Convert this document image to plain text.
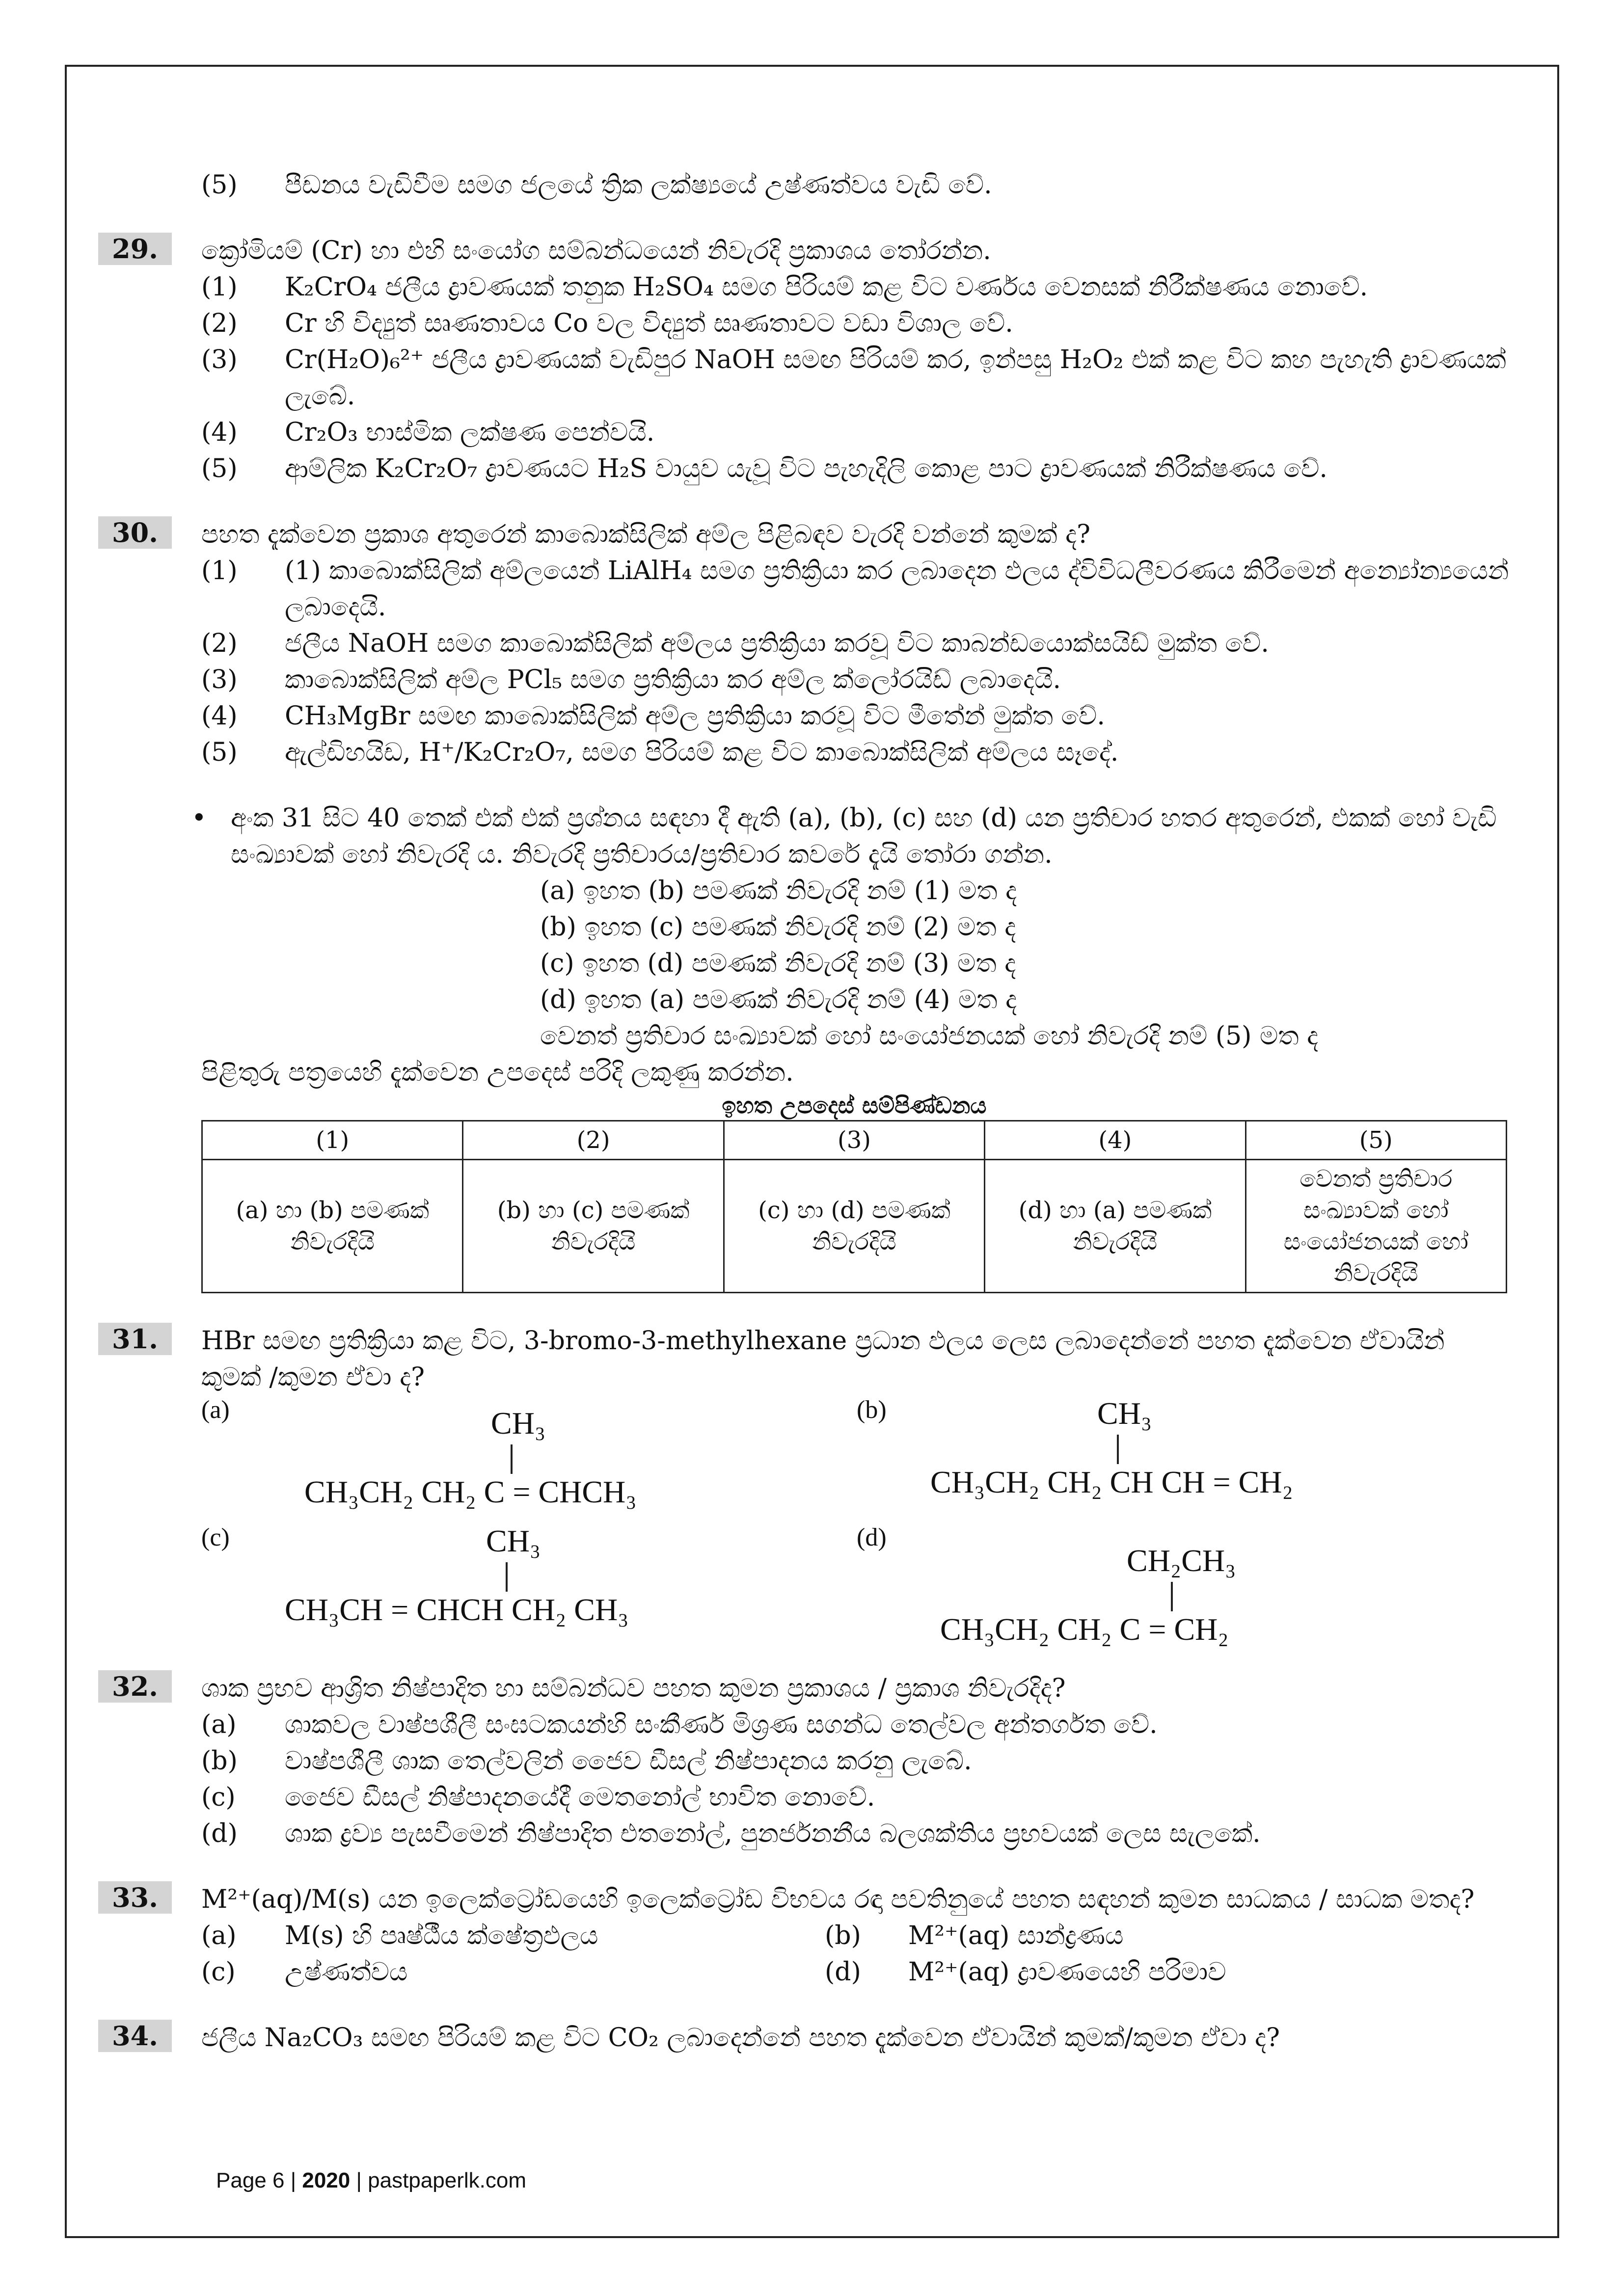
(5)	පීඩනය වැඩිවීම සමග ජලයේ ත්‍රික ලක්ෂ්‍යයේ උෂ්ණත්වය වැඩි වේ.
29.	ක්‍රෝමියම් (Cr) හා එහි සංයෝග සම්බන්ධයෙන් නිවැරදි ප්‍රකාශය තෝරන්න.
(1)	K₂CrO₄ ජලීය ද්‍රාවණයක් තනුක H₂SO₄ සමග පිරියම් කළ විට වර්ණය වෙනසක් නිරීක්ෂණය නොවේ.
(2)	Cr හි විද්‍යුත් සෘණතාවය Co වල විද්‍යුත් සෘණතාවට වඩා විශාල වේ.
(3)	Cr(H₂O)₆²⁺ ජලීය ද්‍රාවණයක් වැඩිපුර NaOH සමඟ පිරියම් කර, ඉන්පසු H₂O₂ එක් කළ විට කහ පැහැති ද්‍රාවණයක් ලැබේ.
(4)	Cr₂O₃ භාස්මික ලක්ෂණ පෙන්වයි.
(5)	ආම්ලික K₂Cr₂O₇ ද්‍රාවණයට H₂S වායුව යැවූ විට පැහැදිලි කොළ පාට ද්‍රාවණයක් නිරීක්ෂණය වේ.
30.	පහත දැක්වෙන ප්‍රකාශ අතුරෙන් කාබොක්සිලික් අම්ල පිළිබඳව වැරදි වන්නේ කුමක් ද?
(1)	(1) කාබොක්සිලික් අම්ලයෙන් LiAlH₄ සමග ප්‍රතික්‍රියා කර ලබාදෙන ඵලය ද්විවිධලීවරණය කිරීමෙන් අන්‍යෝන්‍යයෙන් ලබාදෙයි.
(2)	ජලීය NaOH සමග කාබොක්සිලික් අම්ලය ප්‍රතික්‍රියා කරවූ විට කාබන්ඩයොක්සයිඩ් මුක්ත වේ.
(3)	කාබොක්සිලික් අම්ල PCl₅ සමග ප්‍රතික්‍රියා කර අම්ල ක්ලෝරයිඩ් ලබාදෙයි.
(4)	CH₃MgBr සමඟ කාබොක්සිලික් අම්ල ප්‍රතික්‍රියා කරවූ විට මීතේන් මුක්ත වේ.
(5)	ඇල්ඩිහයිඩ, H⁺/K₂Cr₂O₇, සමග පිරියම් කළ විට කාබොක්සිලික් අම්ලය සෑදේ.
• අංක 31 සිට 40 තෙක් එක් එක් ප්‍රශ්නය සඳහා දී ඇති (a), (b), (c) සහ (d) යන ප්‍රතිචාර හතර අතුරෙන්, එකක් හෝ වැඩි සංඛ්‍යාවක් හෝ නිවැරදි ය. නිවැරදි ප්‍රතිචාරය/ප්‍රතිචාර කවරේ දැයි තෝරා ගන්න.
(a) ඉහත (b) පමණක් නිවැරදි නම් (1) මත ද
(b) ඉහත (c) පමණක් නිවැරදි නම් (2) මත ද
(c) ඉහත (d) පමණක් නිවැරදි නම් (3) මත ද
(d) ඉහත (a) පමණක් නිවැරදි නම් (4) මත ද
වෙනත් ප්‍රතිචාර සංඛ්‍යාවක් හෝ සංයෝජනයක් හෝ නිවැරදි නම් (5) මත ද
පිළිතුරු පත්‍රයෙහි දැක්වෙන උපදෙස් පරිදි ලකුණු කරන්න.
ඉහත උපදෙස් සම්පිණ්ඩනය
(1)	(2)	(3)	(4)	(5)
(a) හා (b) පමණක් නිවැරදියි	(b) හා (c) පමණක් නිවැරදියි	(c) හා (d) පමණක් නිවැරදියි	(d) හා (a) පමණක් නිවැරදියි	වෙනත් ප්‍රතිචාර සංඛ්‍යාවක් හෝ සංයෝජනයක් හෝ නිවැරදියි
31.	HBr සමඟ ප්‍රතික්‍රියා කළ විට, 3-bromo-3-methylhexane ප්‍රධාන ඵලය ලෙස ලබාදෙන්නේ පහත දැක්වෙන ඒවායින් කුමක් /කුමන ඒවා ද?
(a)	CH₃
CH₃CH₂ CH₂ C = CHCH₃
(b)	CH₃
CH₃CH₂ CH₂ CH CH = CH₂
(c)	CH₃
CH₃CH = CHCH CH₂ CH₃
(d)
CH₂CH₃
CH₃CH₂ CH₂ C = CH₂
32.	ශාක ප්‍රභව ආශ්‍රිත නිෂ්පාදිත හා සම්බන්ධව පහත කුමන ප්‍රකාශය / ප්‍රකාශ නිවැරදිද?
(a)	ශාකවල වාෂ්පශීලී සංඝටකයන්හි සංකීර්ණ මිශ්‍රණ සගන්ධ තෙල්වල අන්තර්ගත වේ.
(b)	වාෂ්පශීලී ශාක තෙල්වලින් ජෛව ඩීසල් නිෂ්පාදනය කරනු ලැබේ.
(c)	ජෛව ඩීසල් නිෂ්පාදනයේදී මෙතනෝල් භාවිත නොවේ.
(d)	ශාක ද්‍රව්‍ය පැසවීමෙන් නිෂ්පාදිත එතනෝල්, පුනර්ජනනීය බලශක්තිය ප්‍රභවයක් ලෙස සැලකේ.
33.	M²⁺(aq)/M(s) යන ඉලෙක්ට්‍රෝඩයෙහි ඉලෙක්ට්‍රෝඩ විභවය රඳා පවතිනුයේ පහත සඳහන් කුමන සාධකය / සාධක මතද?
(a)	M(s) හි පෘෂ්ඨීය ක්ෂේත්‍රඵලය	(b)	M²⁺(aq) සාන්ද්‍රණය
(c)	උෂ්ණත්වය	(d)	M²⁺(aq) ද්‍රාවණයෙහි පරිමාව
34.	ජලීය Na₂CO₃ සමඟ පිරියම් කළ විට CO₂ ලබාදෙන්නේ පහත දැක්වෙන ඒවායින් කුමක්/කුමන ඒවා ද?
Page 6 | 2020 | pastpaperlk.com
